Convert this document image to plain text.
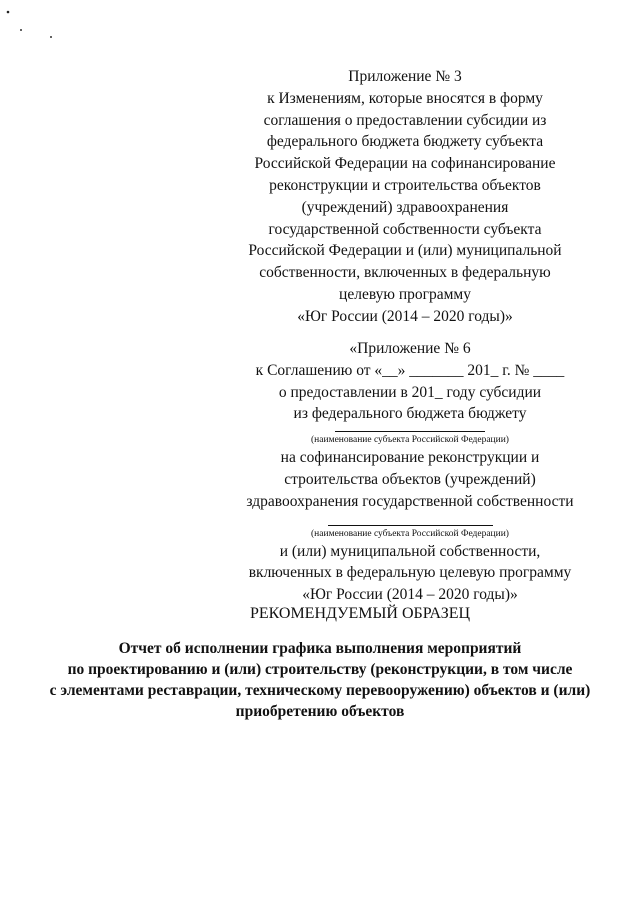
Приложение № 3
к Изменениям, которые вносятся в форму
соглашения о предоставлении субсидии из
федерального бюджета бюджету субъекта
Российской Федерации на софинансирование
реконструкции и строительства объектов
(учреждений) здравоохранения
государственной собственности субъекта
Российской Федерации и (или) муниципальной
собственности, включенных в федеральную
целевую программу
«Юг России (2014 – 2020 годы)»
«Приложение № 6
к Соглашению от «__» _______ 201_ г. № ____
о предоставлении в 201_ году субсидии
из федерального бюджета бюджету
(наименование субъекта Российской Федерации)
на софинансирование реконструкции и
строительства объектов (учреждений)
здравоохранения государственной собственности
(наименование субъекта Российской Федерации)
и (или) муниципальной собственности,
включенных в федеральную целевую программу
«Юг России (2014 – 2020 годы)»
РЕКОМЕНДУЕМЫЙ ОБРАЗЕЦ
Отчет об исполнении графика выполнения мероприятий
по проектированию и (или) строительству (реконструкции, в том числе
с элементами реставрации, техническому перевооружению) объектов и (или)
приобретению объектов
